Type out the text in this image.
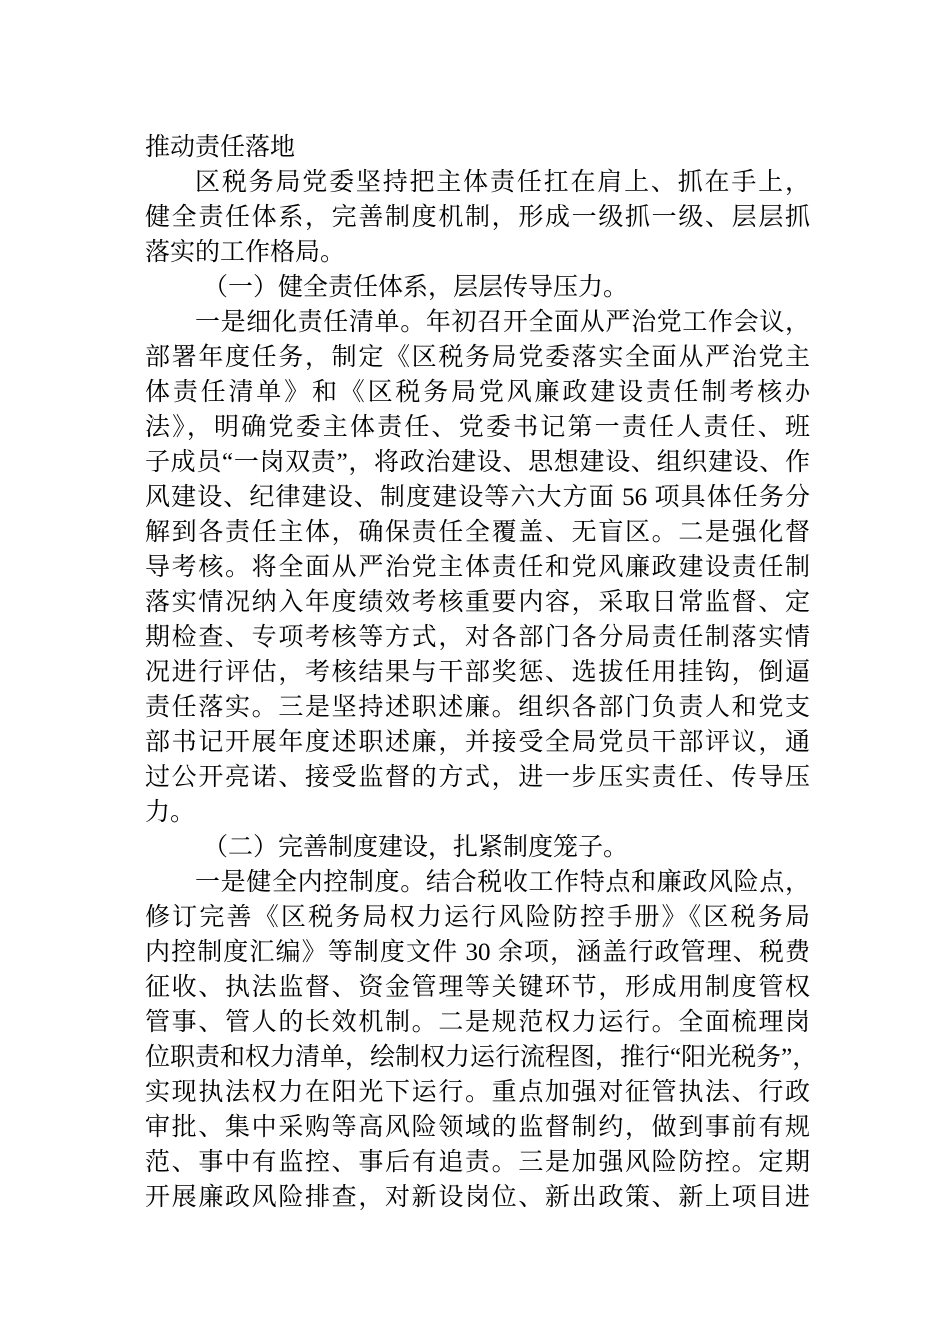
推动责任落地
区税务局党委坚持把主体责任扛在肩上、抓在手上，
健全责任体系，完善制度机制，形成一级抓一级、层层抓
落实的工作格局。
（一）健全责任体系，层层传导压力。
一是细化责任清单。年初召开全面从严治党工作会议，
部署年度任务，制定《区税务局党委落实全面从严治党主
体责任清单》和《区税务局党风廉政建设责任制考核办
法》，明确党委主体责任、党委书记第一责任人责任、班
子成员“一岗双责”，将政治建设、思想建设、组织建设、作
风建设、纪律建设、制度建设等六大方面 56 项具体任务分
解到各责任主体，确保责任全覆盖、无盲区。二是强化督
导考核。将全面从严治党主体责任和党风廉政建设责任制
落实情况纳入年度绩效考核重要内容，采取日常监督、定
期检查、专项考核等方式，对各部门各分局责任制落实情
况进行评估，考核结果与干部奖惩、选拔任用挂钩，倒逼
责任落实。三是坚持述职述廉。组织各部门负责人和党支
部书记开展年度述职述廉，并接受全局党员干部评议，通
过公开亮诺、接受监督的方式，进一步压实责任、传导压
力。
（二）完善制度建设，扎紧制度笼子。
一是健全内控制度。结合税收工作特点和廉政风险点，
修订完善《区税务局权力运行风险防控手册》《区税务局
内控制度汇编》等制度文件 30 余项，涵盖行政管理、税费
征收、执法监督、资金管理等关键环节，形成用制度管权
管事、管人的长效机制。二是规范权力运行。全面梳理岗
位职责和权力清单，绘制权力运行流程图，推行“阳光税务”，
实现执法权力在阳光下运行。重点加强对征管执法、行政
审批、集中采购等高风险领域的监督制约，做到事前有规
范、事中有监控、事后有追责。三是加强风险防控。定期
开展廉政风险排查，对新设岗位、新出政策、新上项目进
